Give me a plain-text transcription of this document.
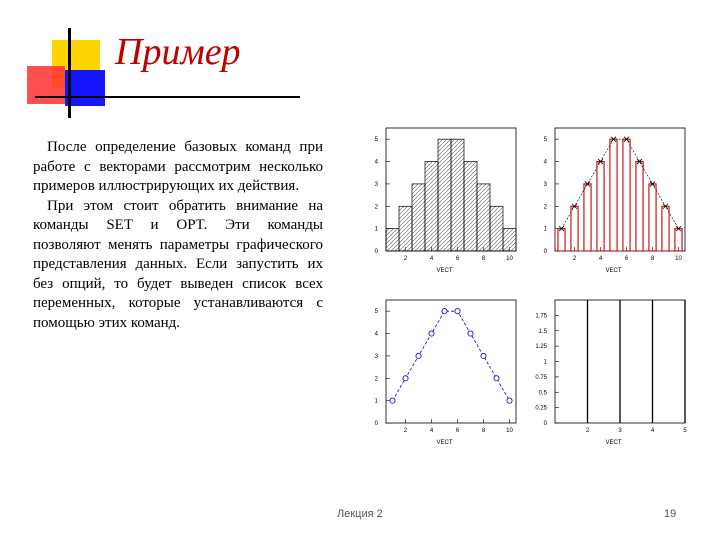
Пример

После определение базовых команд при работе с векторами рассмотрим несколько примеров иллюстрирующих их действия.

При этом стоит обратить внимание на команды SET и OPT. Эти команды позволяют менять параметры графического представления данных. Если запустить их без опций, то будет выведен список всех переменных, которые устанавливаются с помощью этих команд.

0
1
2
3
4
5
2	4	6	8	10
VECT
0
1
2
3
4
5
2	4	6	8	10
VECT
0
1
2
3
4
5
2	4	6	8	10
VECT
0
0.25
0.5
0.75
1
1.25
1.5
1.75
2	3	4	5
VECT
Лекция 2	19
